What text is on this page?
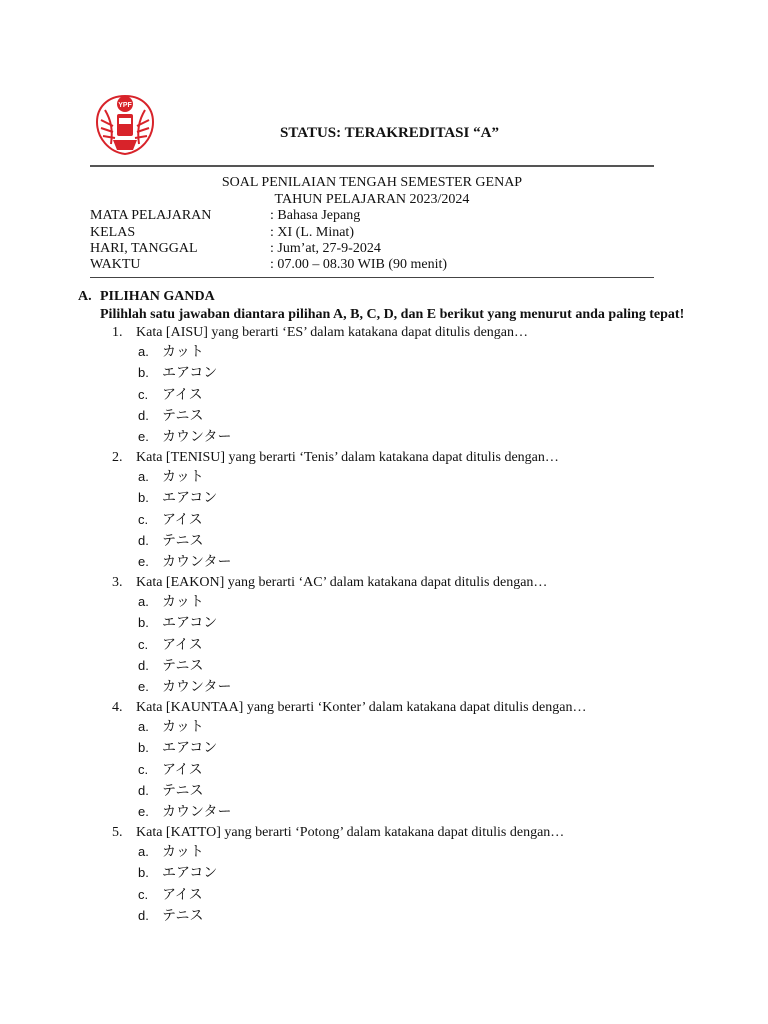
YPF
STATUS: TERAKREDITASI “A”
SOAL PENILAIAN TENGAH SEMESTER GENAP
TAHUN PELAJARAN 2023/2024
MATA PELAJARAN	: Bahasa Jepang
KELAS	: XI (L. Minat)
HARI, TANGGAL	: Jum’at, 27-9-2024
WAKTU	: 07.00 – 08.30 WIB (90 menit)
A. PILIHAN GANDA
Pilihlah satu jawaban diantara pilihan A, B, C, D, dan E berikut yang menurut anda paling tepat!
1. Kata [AISU] yang berarti ‘ES’ dalam katakana dapat ditulis dengan…
a. カット
b. エアコン
c. アイス
d. テニス
e. カウンター
2. Kata [TENISU] yang berarti ‘Tenis’ dalam katakana dapat ditulis dengan…
a. カット
b. エアコン
c. アイス
d. テニス
e. カウンター
3. Kata [EAKON] yang berarti ‘AC’ dalam katakana dapat ditulis dengan…
a. カット
b. エアコン
c. アイス
d. テニス
e. カウンター
4. Kata [KAUNTAA] yang berarti ‘Konter’ dalam katakana dapat ditulis dengan…
a. カット
b. エアコン
c. アイス
d. テニス
e. カウンター
5. Kata [KATTO] yang berarti ‘Potong’ dalam katakana dapat ditulis dengan…
a. カット
b. エアコン
c. アイス
d. テニス
